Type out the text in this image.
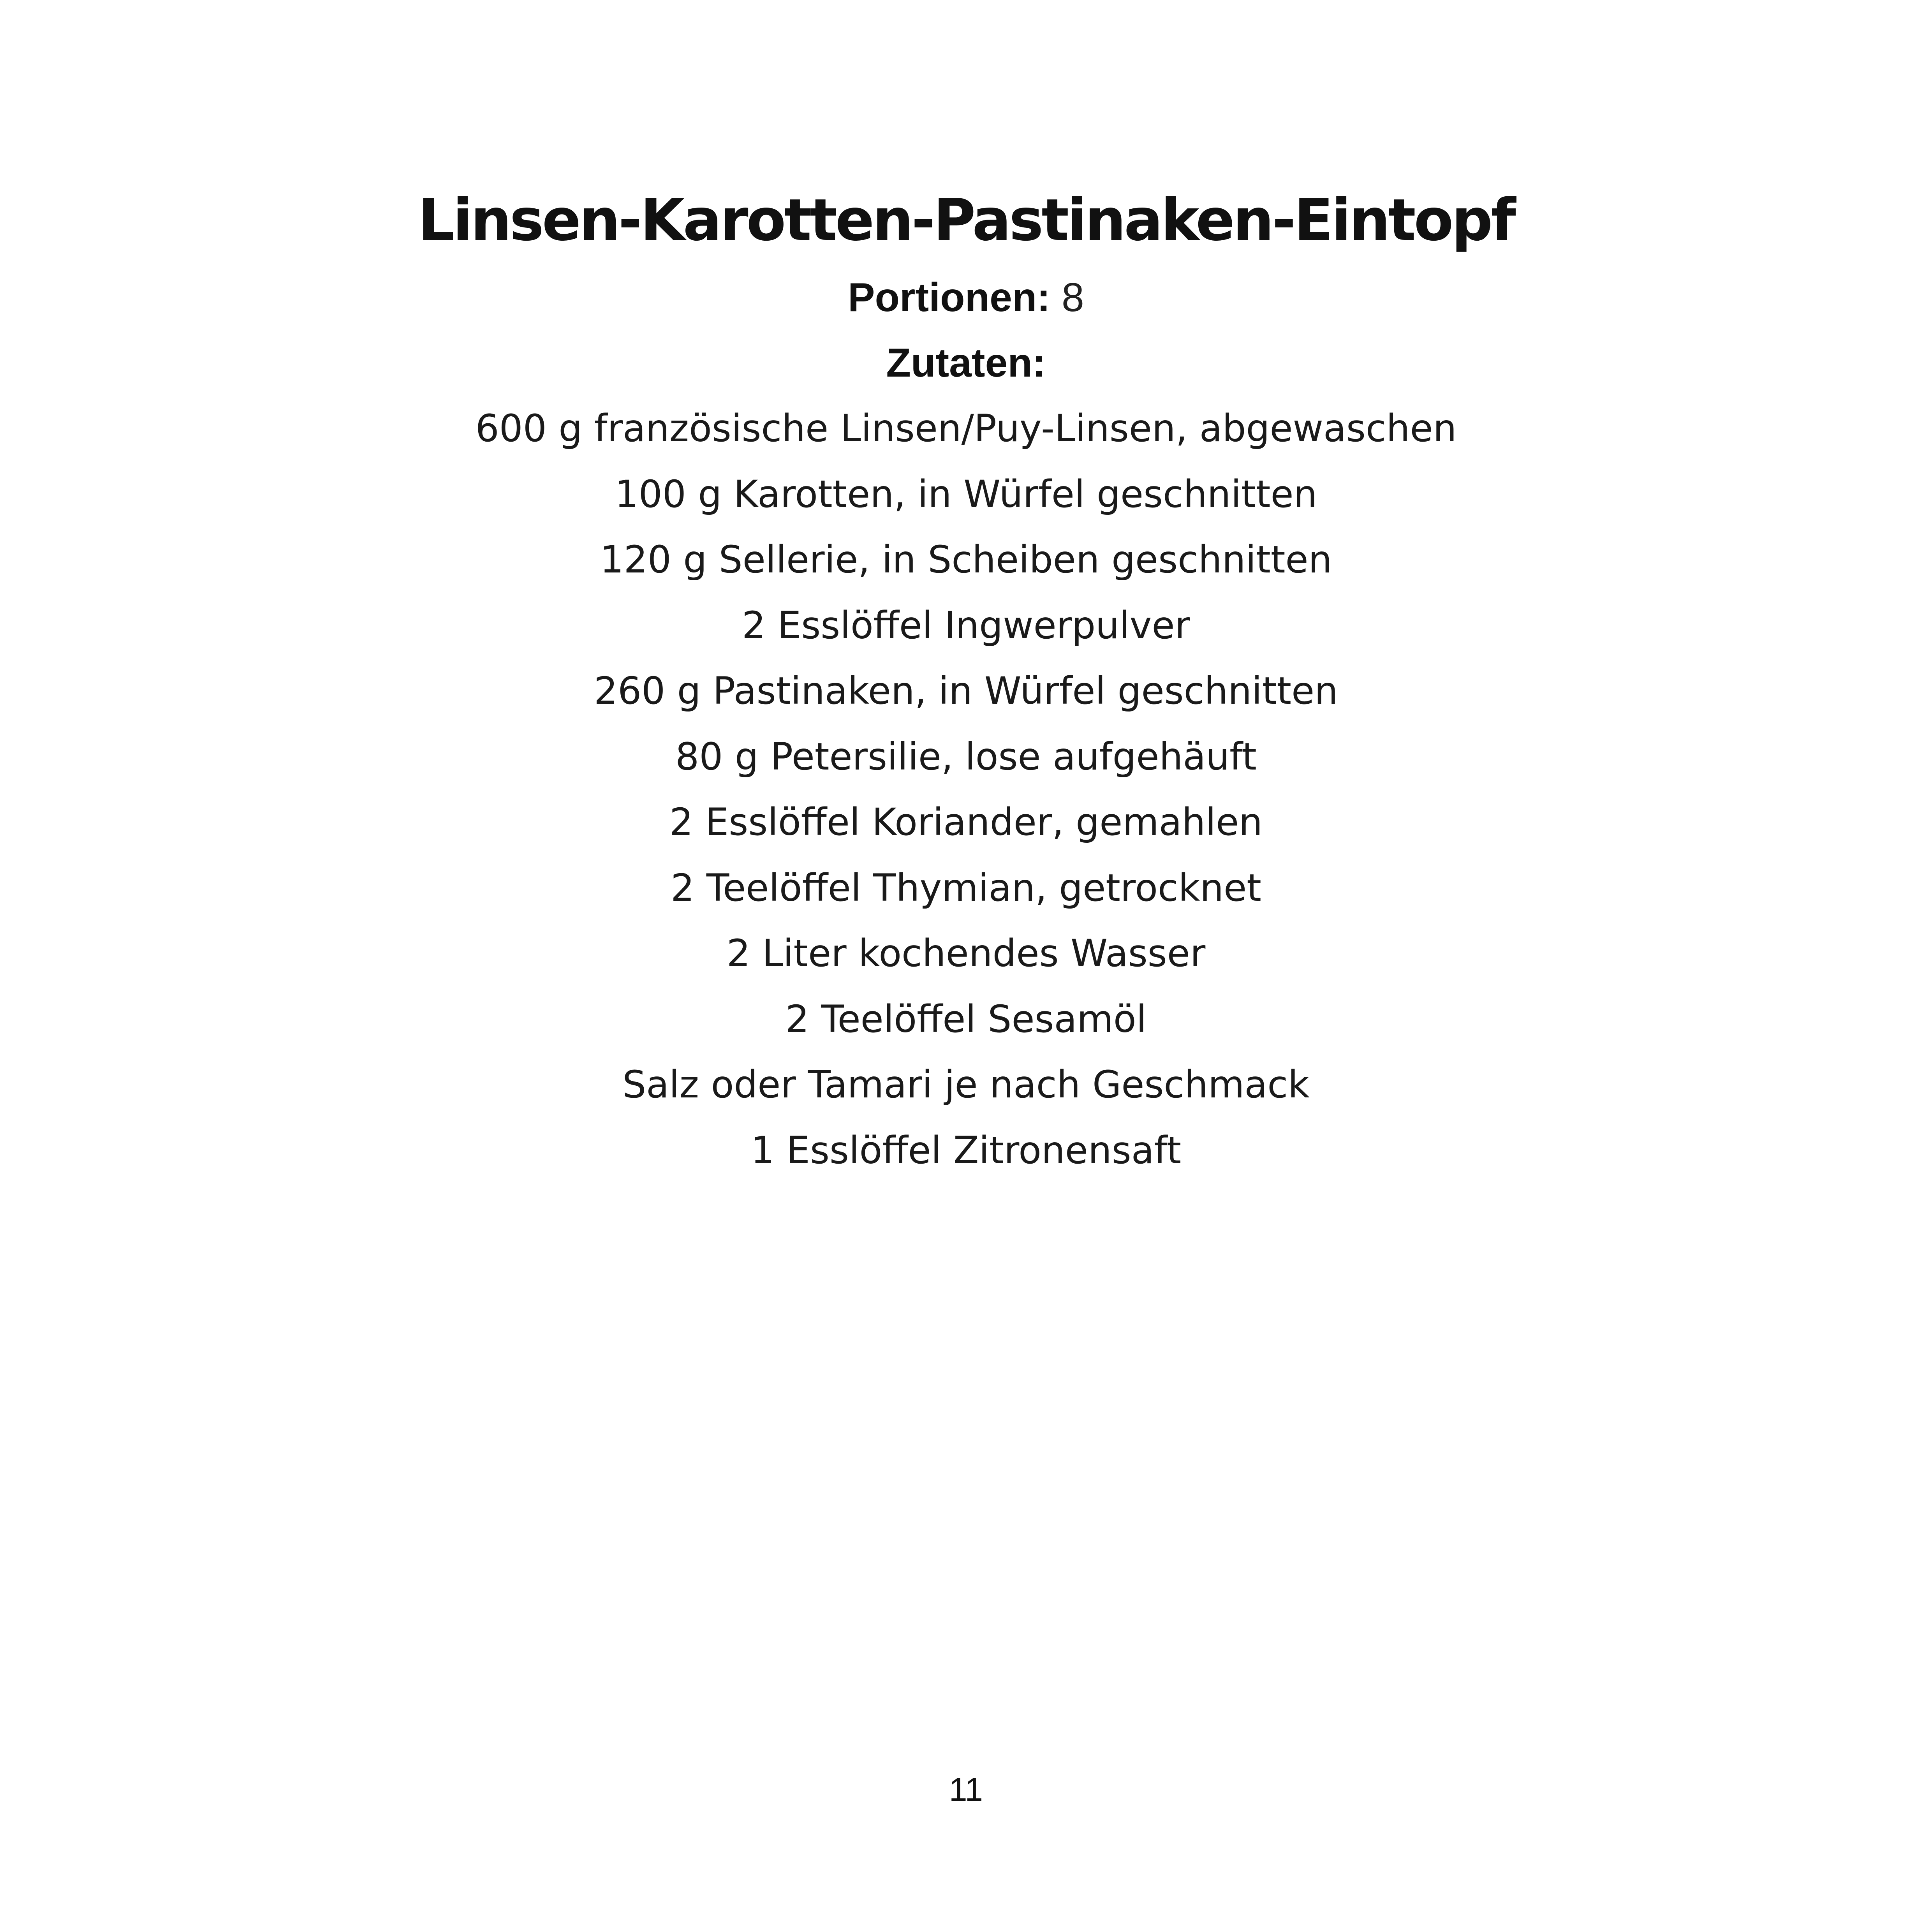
Linsen-Karotten-Pastinaken-Eintopf

Portionen: 8

Zutaten:

600 g französische Linsen/Puy-Linsen, abgewaschen
100 g Karotten, in Würfel geschnitten
120 g Sellerie, in Scheiben geschnitten
2 Esslöffel Ingwerpulver
260 g Pastinaken, in Würfel geschnitten
80 g Petersilie, lose aufgehäuft
2 Esslöffel Koriander, gemahlen
2 Teelöffel Thymian, getrocknet
2 Liter kochendes Wasser
2 Teelöffel Sesamöl
Salz oder Tamari je nach Geschmack
1 Esslöffel Zitronensaft
11
